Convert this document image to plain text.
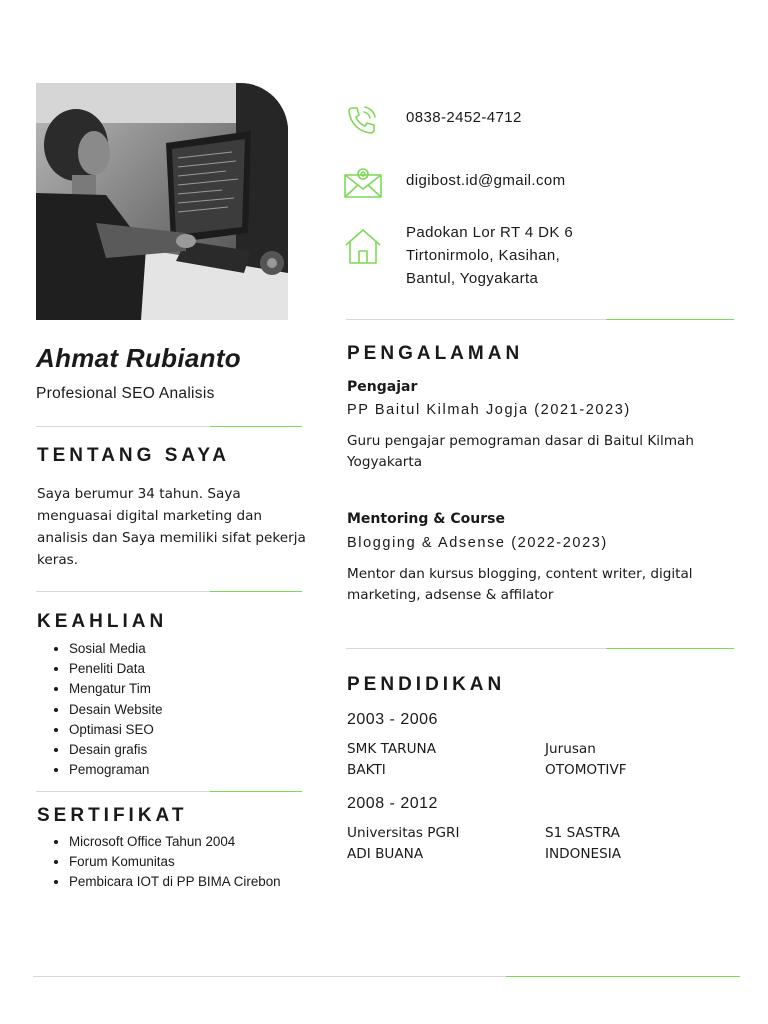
Ahmat Rubianto
Profesional SEO Analisis
TENTANG SAYA
Saya berumur 34 tahun. Saya
menguasai digital marketing dan
analisis dan Saya memiliki sifat pekerja
keras.
KEAHLIAN
• Sosial Media
• Peneliti Data
• Mengatur Tim
• Desain Website
• Optimasi SEO
• Desain grafis
• Pemograman
SERTIFIKAT
• Microsoft Office Tahun 2004
• Forum Komunitas
• Pembicara IOT di PP BIMA Cirebon
0838-2452-4712
digibost.id@gmail.com
Padokan Lor RT 4 DK 6
Tirtonirmolo, Kasihan,
Bantul, Yogyakarta
PENGALAMAN
Pengajar
PP Baitul Kilmah Jogja (2021-2023)
Guru pengajar pemograman dasar di Baitul Kilmah
Yogyakarta
Mentoring & Course
Blogging & Adsense (2022-2023)
Mentor dan kursus blogging, content writer, digital
marketing, adsense & affilator
PENDIDIKAN
2003 - 2006
SMK TARUNA
BAKTI
Jurusan
OTOMOTIVF
2008 - 2012
Universitas PGRI
ADI BUANA
S1 SASTRA
INDONESIA
